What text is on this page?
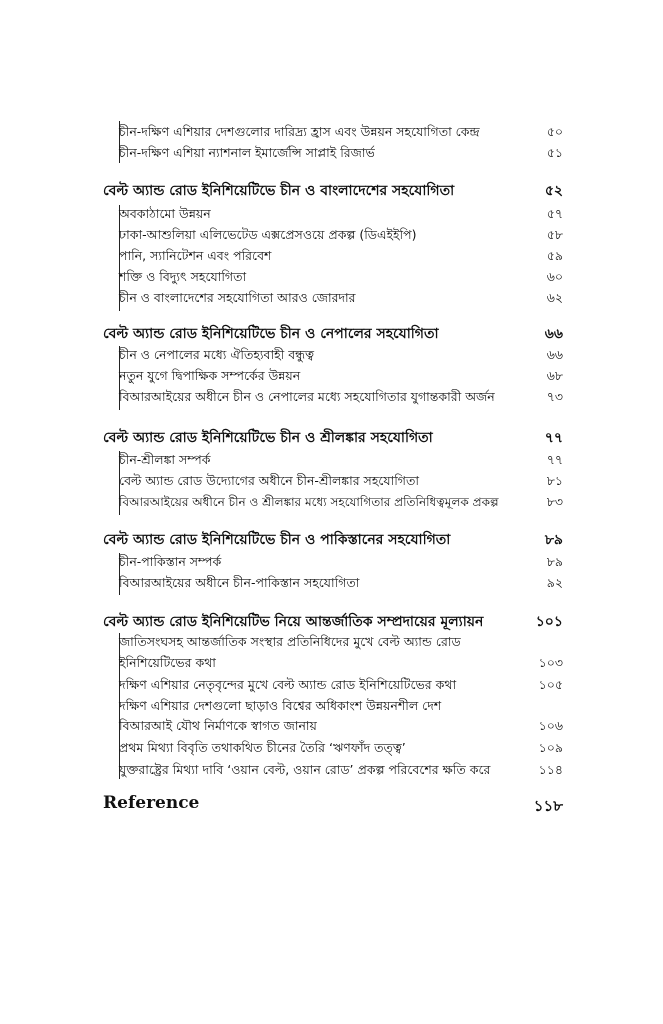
চীন-দক্ষিণ এশিয়ার দেশগুলোর দারিদ্র্য হ্রাস এবং উন্নয়ন সহযোগিতা কেন্দ্র	৫০
চীন-দক্ষিণ এশিয়া ন্যাশনাল ইমার্জেন্সি সাপ্লাই রিজার্ভ	৫১
বেল্ট অ্যান্ড রোড ইনিশিয়েটিভে চীন ও বাংলাদেশের সহযোগিতা	৫২
অবকাঠামো উন্নয়ন	৫৭
ঢাকা-আশুলিয়া এলিভেটেড এক্সপ্রেসওয়ে প্রকল্প (ডিএইইপি)	৫৮
পানি, স্যানিটেশন এবং পরিবেশ	৫৯
শক্তি ও বিদ্যুৎ সহযোগিতা	৬০
চীন ও বাংলাদেশের সহযোগিতা আরও জোরদার	৬২
বেল্ট অ্যান্ড রোড ইনিশিয়েটিভে চীন ও নেপালের সহযোগিতা	৬৬
চীন ও নেপালের মধ্যে ঐতিহ্যবাহী বন্ধুত্ব	৬৬
নতুন যুগে দ্বিপাক্ষিক সম্পর্কের উন্নয়ন	৬৮
বিআরআইয়ের অধীনে চীন ও নেপালের মধ্যে সহযোগিতার যুগান্তকারী অর্জন	৭৩
বেল্ট অ্যান্ড রোড ইনিশিয়েটিভে চীন ও শ্রীলঙ্কার সহযোগিতা	৭৭
চীন-শ্রীলঙ্কা সম্পর্ক	৭৭
বেল্ট অ্যান্ড রোড উদ্যোগের অধীনে চীন-শ্রীলঙ্কার সহযোগিতা	৮১
বিআরআইয়ের অধীনে চীন ও শ্রীলঙ্কার মধ্যে সহযোগিতার প্রতিনিধিত্বমূলক প্রকল্প	৮৩
বেল্ট অ্যান্ড রোড ইনিশিয়েটিভে চীন ও পাকিস্তানের সহযোগিতা	৮৯
চীন-পাকিস্তান সম্পর্ক	৮৯
বিআরআইয়ের অধীনে চীন-পাকিস্তান সহযোগিতা	৯২
বেল্ট অ্যান্ড রোড ইনিশিয়েটিভ নিয়ে আন্তর্জাতিক সম্প্রদায়ের মূল্যায়ন	১০১
জাতিসংঘসহ আন্তর্জাতিক সংস্থার প্রতিনিধিদের মুখে বেল্ট অ্যান্ড রোড
ইনিশিয়েটিভের কথা	১০৩
দক্ষিণ এশিয়ার নেতৃবৃন্দের মুখে বেল্ট অ্যান্ড রোড ইনিশিয়েটিভের কথা	১০৫
দক্ষিণ এশিয়ার দেশগুলো ছাড়াও বিশ্বের অধিকাংশ উন্নয়নশীল দেশ
বিআরআই যৌথ নির্মাণকে স্বাগত জানায়	১০৬
প্রথম মিথ্যা বিবৃতি তথাকথিত চীনের তৈরি ‘ঋণফাঁদ তত্ত্ব’	১০৯
যুক্তরাষ্ট্রের মিথ্যা দাবি ‘ওয়ান বেল্ট, ওয়ান রোড’ প্রকল্প পরিবেশের ক্ষতি করে	১১৪
Reference	১১৮
